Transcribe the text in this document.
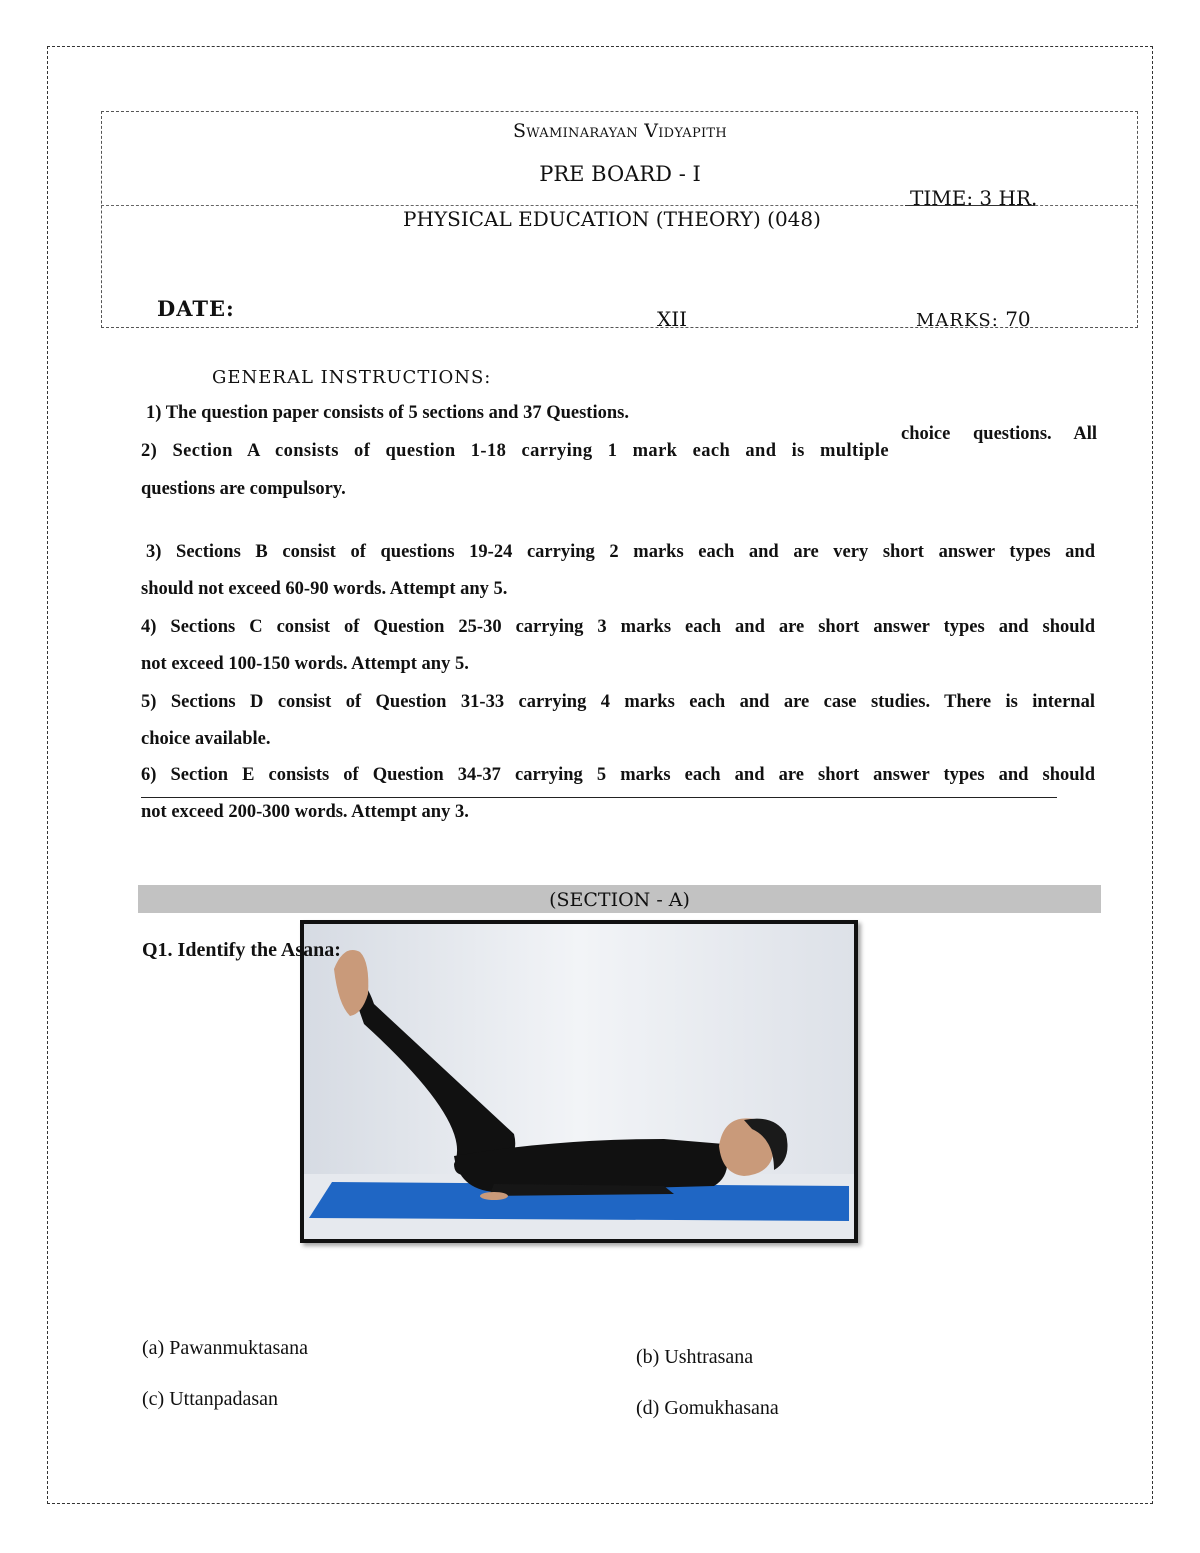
Swaminarayan Vidyapith
PRE BOARD - I
PHYSICAL EDUCATION (THEORY) (048)
TIME: 3 HR.
DATE:	XII	MARKS: 70
GENERAL INSTRUCTIONS:
1) The question paper consists of 5 sections and 37 Questions.
2) Section A consists of question 1-18 carrying 1 mark each and is multiple
choice questions. All
questions are compulsory.
3) Sections B consist of questions 19-24 carrying 2 marks each and are very short answer types and
should not exceed 60-90 words. Attempt any 5.
4) Sections C consist of Question 25-30 carrying 3 marks each and are short answer types and should
not exceed 100-150 words. Attempt any 5.
5) Sections D consist of Question 31-33 carrying 4 marks each and are case studies. There is internal
choice available.
6) Section E consists of Question 34-37 carrying 5 marks each and are short answer types and should
not exceed 200-300 words. Attempt any 3.
(SECTION - A)
Q1. Identify the Asana:
(a) Pawanmuktasana	(b) Ushtrasana
(c) Uttanpadasan	(d) Gomukhasana
